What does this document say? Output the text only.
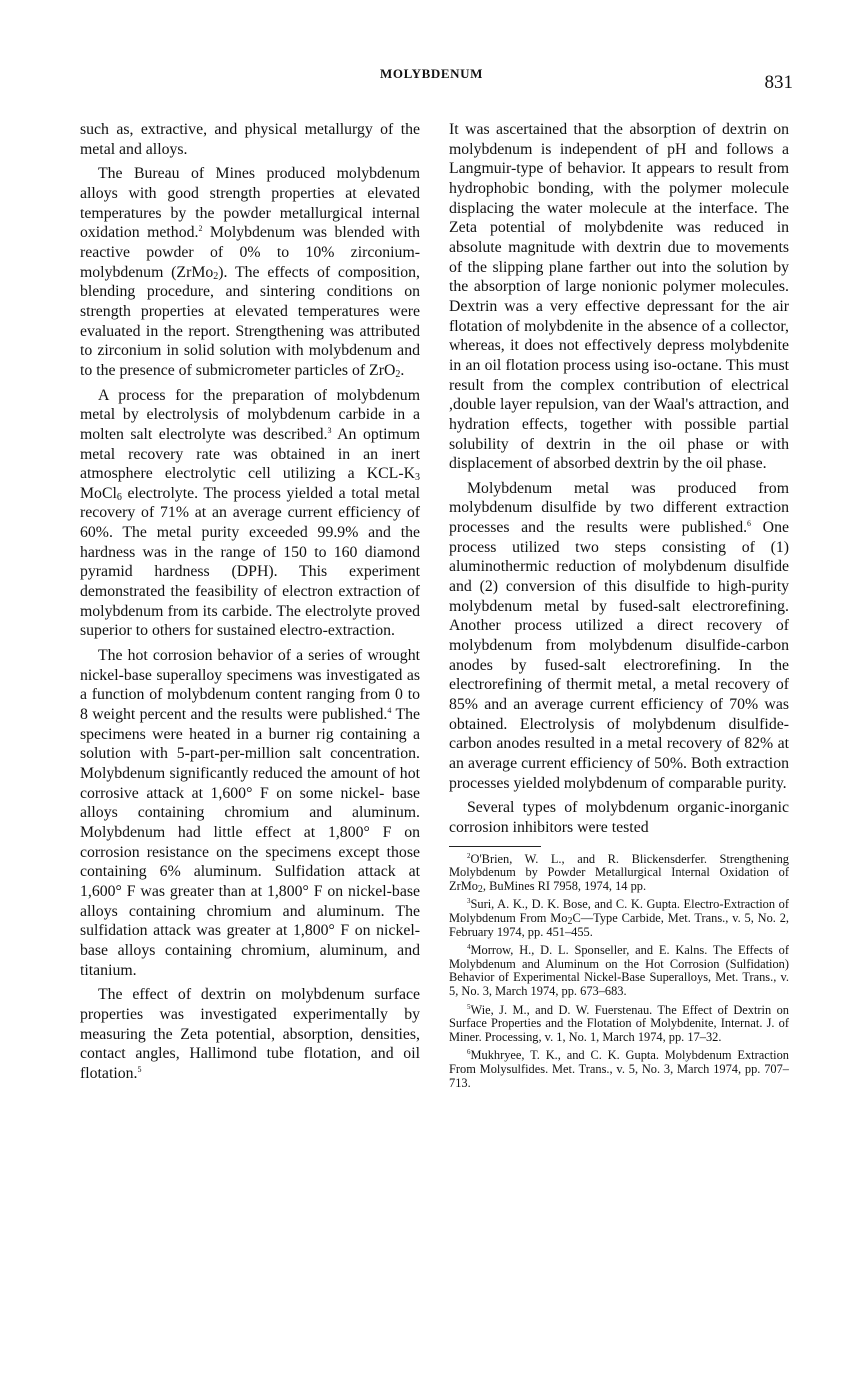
MOLYBDENUM	831

such as, extractive, and physical metallurgy of the metal and alloys.

The Bureau of Mines produced molybdenum alloys with good strength properties at elevated temperatures by the powder metallurgical internal oxidation method.$^2$ Molybdenum was blended with reactive powder of 0% to 10% zirconium-molybdenum (ZrMo$_2$). The effects of composition, blending procedure, and sintering conditions on strength properties at elevated temperatures were evaluated in the report. Strengthening was attributed to zirconium in solid solution with molybdenum and to the presence of submicrometer particles of ZrO$_2$.

A process for the preparation of molybdenum metal by electrolysis of molybdenum carbide in a molten salt electrolyte was described.$^3$ An optimum metal recovery rate was obtained in an inert atmosphere electrolytic cell utilizing a KCL-$K_3$ MoCl$_6$ electrolyte. The process yielded a total metal recovery of 71% at an average current efficiency of 60%. The metal purity exceeded 99.9% and the hardness was in the range of 150 to 160 diamond pyramid hardness (DPH). This experiment demonstrated the feasibility of electron extraction of molybdenum from its carbide. The electrolyte proved superior to others for sustained electro-extraction.

The hot corrosion behavior of a series of wrought nickel-base superalloy specimens was investigated as a function of molybdenum content ranging from 0 to 8 weight percent and the results were published.$^4$ The specimens were heated in a burner rig containing a solution with 5-part-per-million salt concentration. Molybdenum significantly reduced the amount of hot corrosive attack at 1,600° F on some nickel- base alloys containing chromium and aluminum. Molybdenum had little effect at 1,800° F on corrosion resistance on the specimens except those containing 6% aluminum. Sulfidation attack at 1,600° F was greater than at 1,800° F on nickel-base alloys containing chromium and aluminum. The sulfidation attack was greater at 1,800° F on nickel-base alloys containing chromium, aluminum, and titanium.

The effect of dextrin on molybdenum surface properties was investigated experimentally by measuring the Zeta potential, absorption, densities, contact angles, Hallimond tube flotation, and oil flotation.$^5$

It was ascertained that the absorption of dextrin on molybdenum is independent of pH and follows a Langmuir-type of behavior. It appears to result from hydrophobic bonding, with the polymer molecule displacing the water molecule at the interface. The Zeta potential of molybdenite was reduced in absolute magnitude with dextrin due to movements of the slipping plane farther out into the solution by the absorption of large nonionic polymer molecules. Dextrin was a very effective depressant for the air flotation of molybdenite in the absence of a collector, whereas, it does not effectively depress molybdenite in an oil flotation process using iso-octane. This must result from the complex contribution of electrical ,double layer repulsion, van der Waal's attraction, and hydration effects, together with possible partial solubility of dextrin in the oil phase or with displacement of absorbed dextrin by the oil phase.

Molybdenum metal was produced from molybdenum disulfide by two different extraction processes and the results were published.$^6$ One process utilized two steps consisting of (1) aluminothermic reduction of molybdenum disulfide and (2) conversion of this disulfide to high-purity molybdenum metal by fused-salt electrorefining. Another process utilized a direct recovery of molybdenum from molybdenum disulfide-carbon anodes by fused-salt electrorefining. In the electrorefining of thermit metal, a metal recovery of 85% and an average current efficiency of 70% was obtained. Electrolysis of molybdenum disulfide-carbon anodes resulted in a metal recovery of 82% at an average current efficiency of 50%. Both extraction processes yielded molybdenum of comparable purity.

Several types of molybdenum organic-inorganic corrosion inhibitors were tested

$^2$O'Brien, W. L., and R. Blickensderfer. Strengthening Molybdenum by Powder Metallurgical Internal Oxidation of ZrMo$_2$, BuMines RI 7958, 1974, 14 pp.

$^3$Suri, A. K., D. K. Bose, and C. K. Gupta. Electro-Extraction of Molybdenum From $Mo_2C—Type$ Carbide, Met. Trans., v. 5, No. 2, February 1974, pp. 451–455.

$^4$Morrow, H., D. L. Sponseller, and E. Kalns. The Effects of Molybdenum and Aluminum on the Hot Corrosion (Sulfidation) Behavior of Experimental Nickel-Base Superalloys, Met. Trans., v. 5, No. 3, March 1974, pp. 673–683.

$^5$Wie, J. M., and D. W. Fuerstenau. The Effect of Dextrin on Surface Properties and the Flotation of Molybdenite, Internat. J. of Miner. Processing, v. 1, No. 1, March 1974, pp. 17–32.

$^6$Mukhryee, T. K., and C. K. Gupta. Molybdenum Extraction From Molysulfides. Met. Trans., v. 5, No. 3, March 1974, pp. 707–713.
